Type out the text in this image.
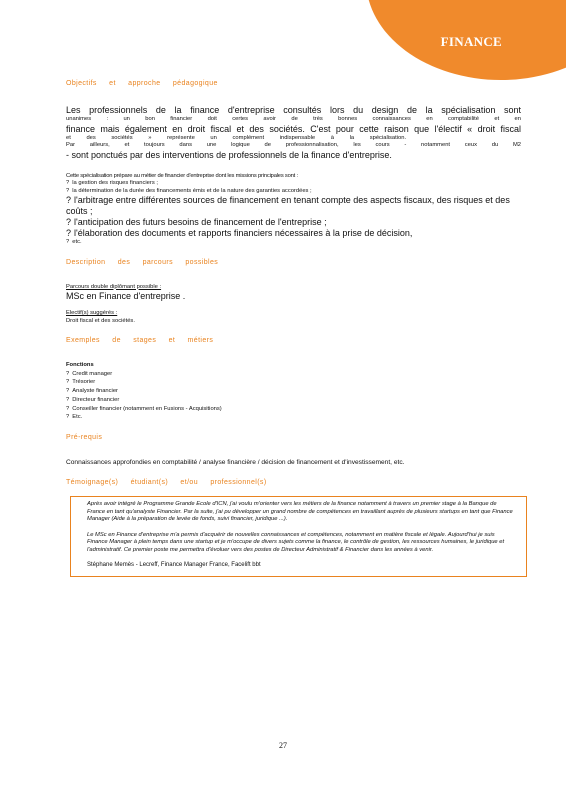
FINANCE
Objectifs et approche pédagogique
Les professionnels de la finance d'entreprise consultés lors du design de la spécialisation sont
unanimes : un bon financier doit certes avoir de très bonnes connaissances en comptabilité et en
finance mais également en droit fiscal et des sociétés. C'est pour cette raison que l'électif « droit fiscal
et des sociétés » représente un complément indispensable à la spécialisation.
Par ailleurs, et toujours dans une logique de professionnalisation, les cours - notamment ceux du M2
- sont ponctués par des interventions de professionnels de la finance d'entreprise.
Cette spécialisation prépare au métier de financier d'entreprise dont les missions principales sont :
? la gestion des risques financiers ;
? la détermination de la durée des financements émis et de la nature des garanties accordées ;
? l'arbitrage entre différentes sources de financement en tenant compte des aspects fiscaux, des risques et des coûts ;
? l'anticipation des futurs besoins de financement de l'entreprise ;
? l'élaboration des documents et rapports financiers nécessaires à la prise de décision,
? etc.
Description des parcours possibles
Parcours double diplômant possible :
MSc en Finance d'entreprise .
Electif(s) suggérés :
Droit fiscal et des sociétés.
Exemples de stages et métiers
Fonctions
? Credit manager
? Trésorier
? Analyste financier
? Directeur financier
? Conseiller financier (notamment en Fusions - Acquisitions)
? Etc.
Pré-requis
Connaissances approfondies en comptabilité / analyse financière / décision de financement et d'investissement, etc.
Témoignage(s) étudiant(s) et/ou professionnel(s)

Après avoir intégré le Programme Grande Ecole d'ICN, j'ai voulu m'orienter vers les métiers de la finance notamment à travers un premier stage à la Banque de France en tant qu'analyste Financier. Par la suite, j'ai pu développer un grand nombre de compétences en travaillant auprès de plusieurs startups en tant que Finance Manager (Aide à la préparation de levée de fonds, suivi financier, juridique ...).

Le MSc en Finance d'entreprise m'a permis d'acquérir de nouvelles connaissances et compétences, notamment en matière fiscale et légale. Aujourd'hui je suis Finance Manager à plein temps dans une startup et je m'occupe de divers sujets comme la finance, le contrôle de gestion, les ressources humaines, le juridique et l'administratif. Ce premier poste me permettra d'évoluer vers des postes de Directeur Administratif & Financier dans les années à venir.

Stéphane Memès - Lecreff, Finance Manager France, Facelift bbt
27
